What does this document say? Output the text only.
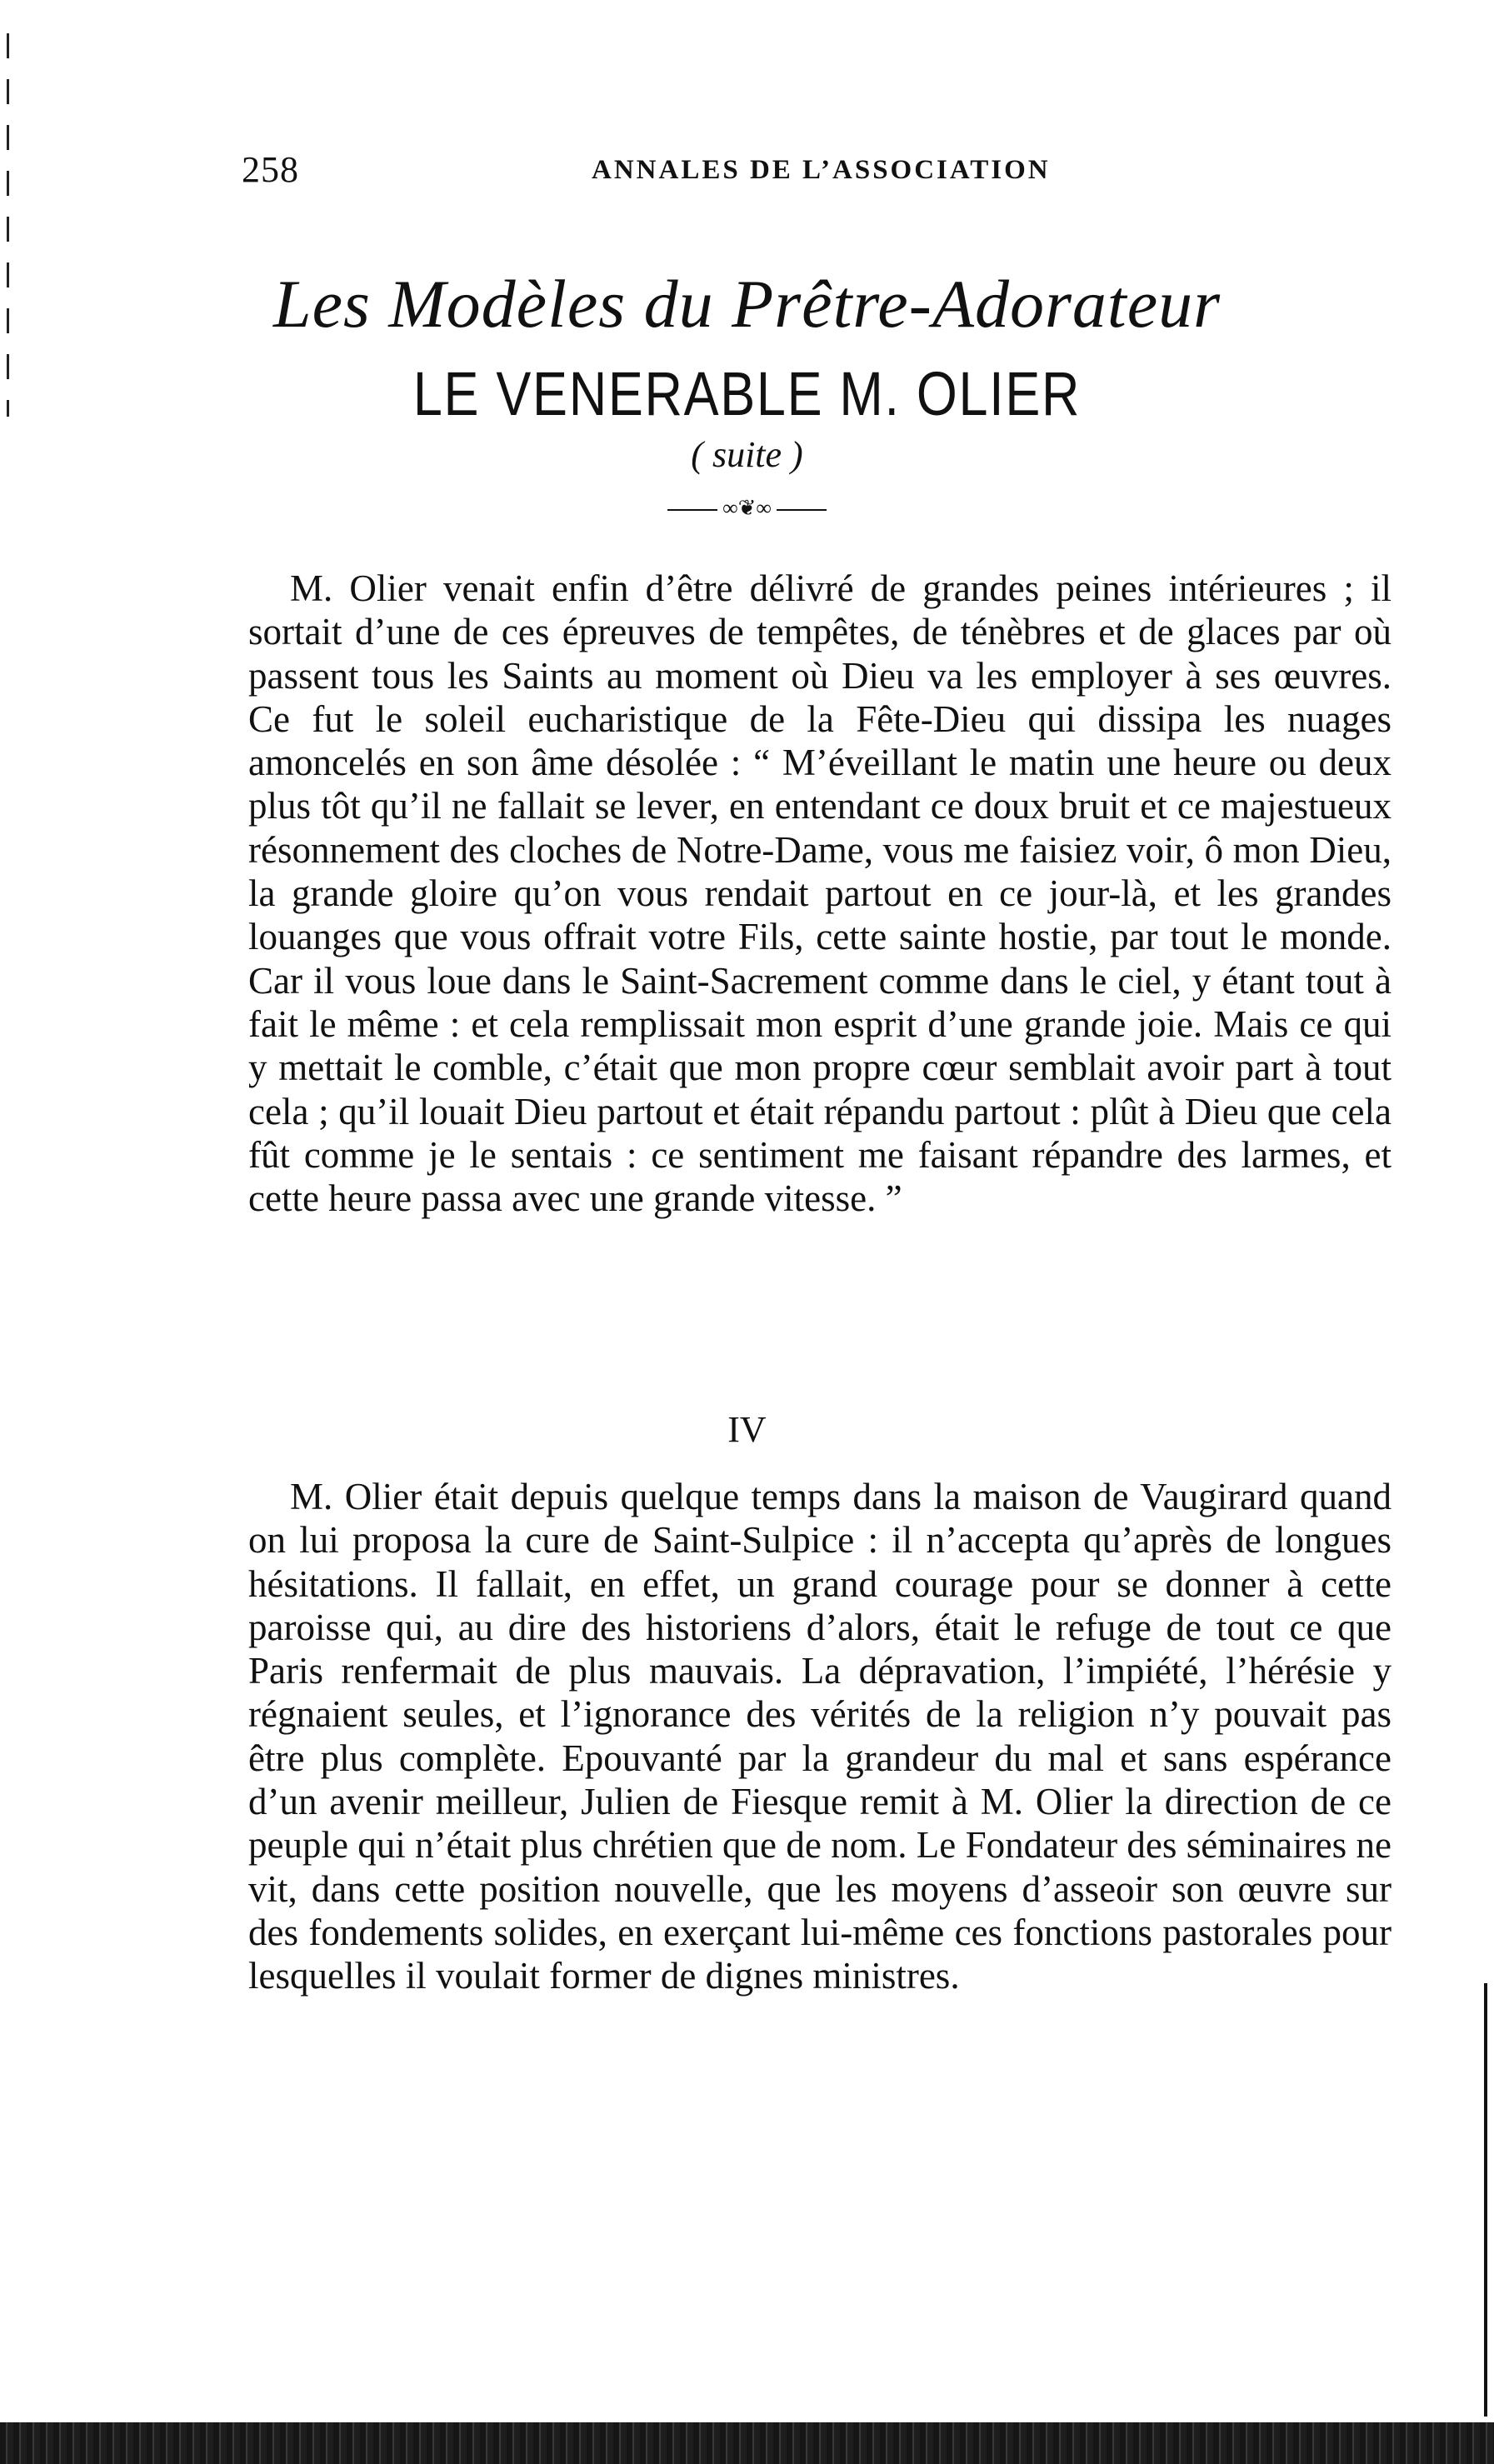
258	ANNALES DE L’ASSOCIATION
Les Modèles du Prêtre-Adorateur
LE VENERABLE M. OLIER
( suite )
∞❦∞

M. Olier venait enfin d’être délivré de grandes peines intérieures ; il sortait d’une de ces épreuves de tempêtes, de ténèbres et de glaces par où passent tous les Saints au moment où Dieu va les employer à ses œuvres. Ce fut le soleil eucharistique de la Fête-Dieu qui dissipa les nuages amoncelés en son âme désolée : “ M’éveillant le matin une heure ou deux plus tôt qu’il ne fallait se lever, en entendant ce doux bruit et ce majestueux résonnement des cloches de Notre-Dame, vous me faisiez voir, ô mon Dieu, la grande gloire qu’on vous rendait partout en ce jour-là, et les grandes louanges que vous offrait votre Fils, cette sainte hostie, par tout le monde. Car il vous loue dans le Saint-Sacrement comme dans le ciel, y étant tout à fait le même : et cela remplissait mon esprit d’une grande joie. Mais ce qui y mettait le comble, c’était que mon propre cœur semblait avoir part à tout cela ; qu’il louait Dieu partout et était répandu partout : plût à Dieu que cela fût comme je le sentais : ce sentiment me faisant répandre des larmes, et cette heure passa avec une grande vitesse. ”

IV

M. Olier était depuis quelque temps dans la maison de Vaugirard quand on lui proposa la cure de Saint-Sulpice : il n’accepta qu’après de longues hésitations. Il fallait, en effet, un grand courage pour se donner à cette paroisse qui, au dire des historiens d’alors, était le refuge de tout ce que Paris renfermait de plus mauvais. La dépravation, l’impiété, l’hérésie y régnaient seules, et l’ignorance des vérités de la religion n’y pouvait pas être plus complète. Epouvanté par la grandeur du mal et sans espérance d’un avenir meilleur, Julien de Fiesque remit à M. Olier la direction de ce peuple qui n’était plus chrétien que de nom. Le Fondateur des séminaires ne vit, dans cette position nouvelle, que les moyens d’asseoir son œuvre sur des fondements solides, en exerçant lui-même ces fonctions pastorales pour lesquelles il voulait former de dignes ministres.
